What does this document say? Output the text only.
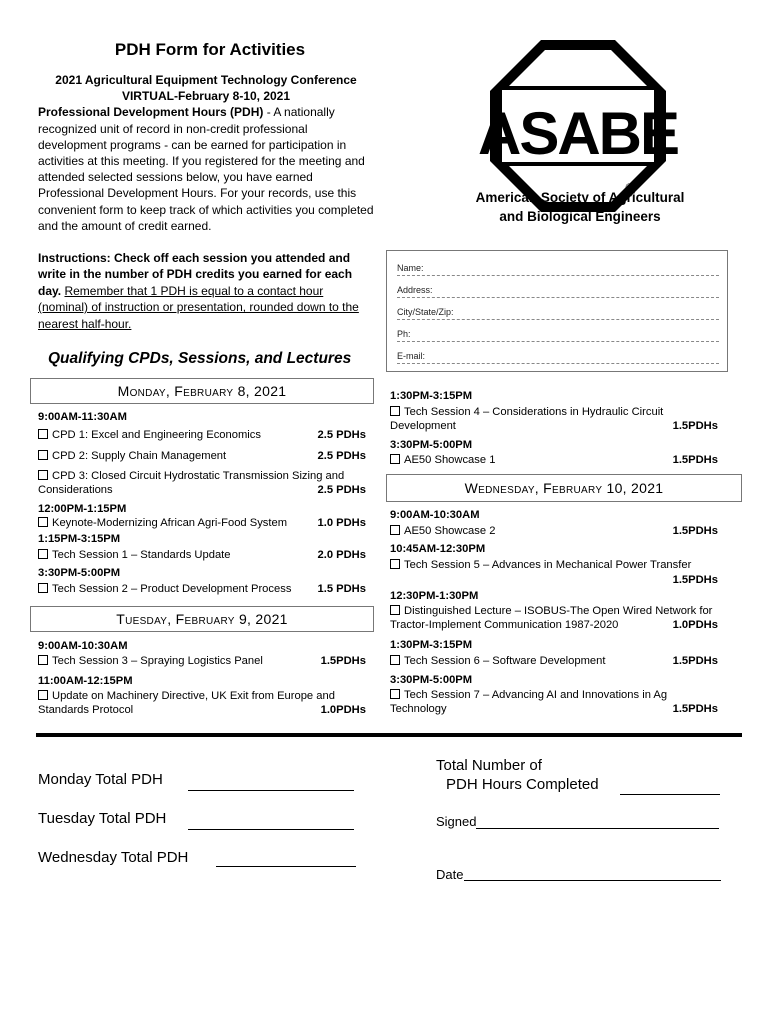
PDH Form for Activities
2021 Agricultural Equipment Technology Conference
VIRTUAL-February 8-10, 2021
Professional Development Hours (PDH) - A nationally recognized unit of record in non-credit professional development programs - can be earned for participation in activities at this meeting. If you registered for the meeting and attended selected sessions below, you have earned Professional Development Hours. For your records, use this convenient form to keep track of which activities you completed and the amount of credit earned.
ASABE
®
American Society of Agricultural
and Biological Engineers
Instructions: Check off each session you attended and write in the number of PDH credits you earned for each day. Remember that 1 PDH is equal to a contact hour (nominal) of instruction or presentation, rounded down to the nearest half-hour.
Name:
Address:
City/State/Zip:
Ph:
E-mail:
Qualifying CPDs, Sessions, and Lectures
Monday, February 8, 2021
9:00AM-11:30AM
CPD 1: Excel and Engineering Economics	2.5 PDHs
CPD 2: Supply Chain Management	2.5 PDHs
CPD 3: Closed Circuit Hydrostatic Transmission Sizing and
Considerations	2.5 PDHs
12:00PM-1:15PM
Keynote-Modernizing African Agri-Food System	1.0 PDHs
1:15PM-3:15PM
Tech Session 1 – Standards Update	2.0 PDHs
3:30PM-5:00PM
Tech Session 2 – Product Development Process 1.5 PDHs
Tuesday, February 9, 2021
9:00AM-10:30AM
Tech Session 3 – Spraying Logistics Panel	1.5PDHs
11:00AM-12:15PM
Update on Machinery Directive, UK Exit from Europe and
Standards Protocol	1.0PDHs
1:30PM-3:15PM
Tech Session 4 – Considerations in Hydraulic Circuit
Development	1.5PDHs
3:30PM-5:00PM
AE50 Showcase 1	1.5PDHs
Wednesday, February 10, 2021
9:00AM-10:30AM
AE50 Showcase 2	1.5PDHs
10:45AM-12:30PM
Tech Session 5 – Advances in Mechanical Power Transfer
1.5PDHs
12:30PM-1:30PM
Distinguished Lecture – ISOBUS-The Open Wired Network for
Tractor-Implement Communication 1987-2020	1.0PDHs
1:30PM-3:15PM
Tech Session 6 – Software Development	1.5PDHs
3:30PM-5:00PM
Tech Session 7 – Advancing AI and Innovations in Ag
Technology	1.5PDHs
Monday Total PDH
Tuesday Total PDH
Wednesday Total PDH
Total Number of
PDH Hours Completed
Signed
Date
